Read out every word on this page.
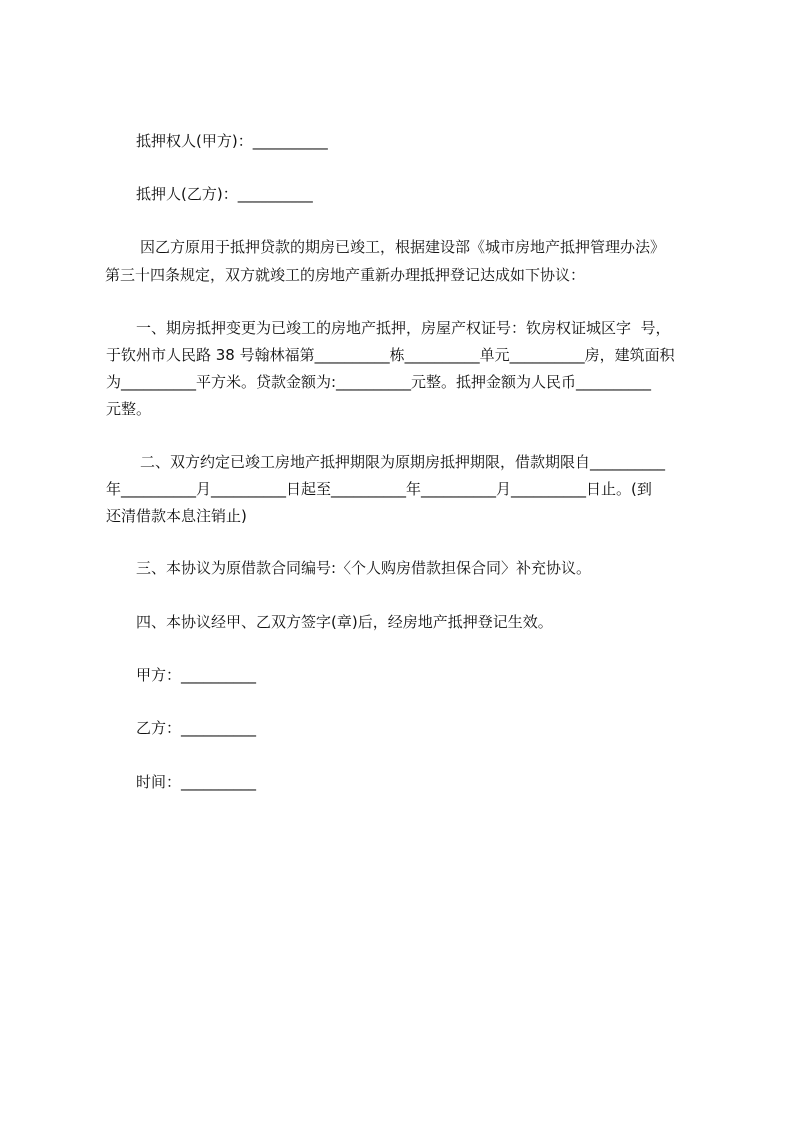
抵押权人(甲方)：__________
抵押人(乙方)：__________
因乙方原用于抵押贷款的期房已竣工，根据建设部《城市房地产抵押管理办法》
第三十四条规定，双方就竣工的房地产重新办理抵押登记达成如下协议：
一、期房抵押变更为已竣工的房地产抵押，房屋产权证号：钦房权证城区字  号，
于钦州市人民路 38 号翰林福第__________栋__________单元__________房，建筑面积
为__________平方米。贷款金额为:__________元整。抵押金额为人民币__________
元整。
二、双方约定已竣工房地产抵押期限为原期房抵押期限，借款期限自__________
年__________月__________日起至__________年__________月__________日止。(到
还清借款本息注销止)
三、本协议为原借款合同编号:〈个人购房借款担保合同〉补充协议。
四、本协议经甲、乙双方签字(章)后，经房地产抵押登记生效。
甲方：__________
乙方：__________
时间：__________
